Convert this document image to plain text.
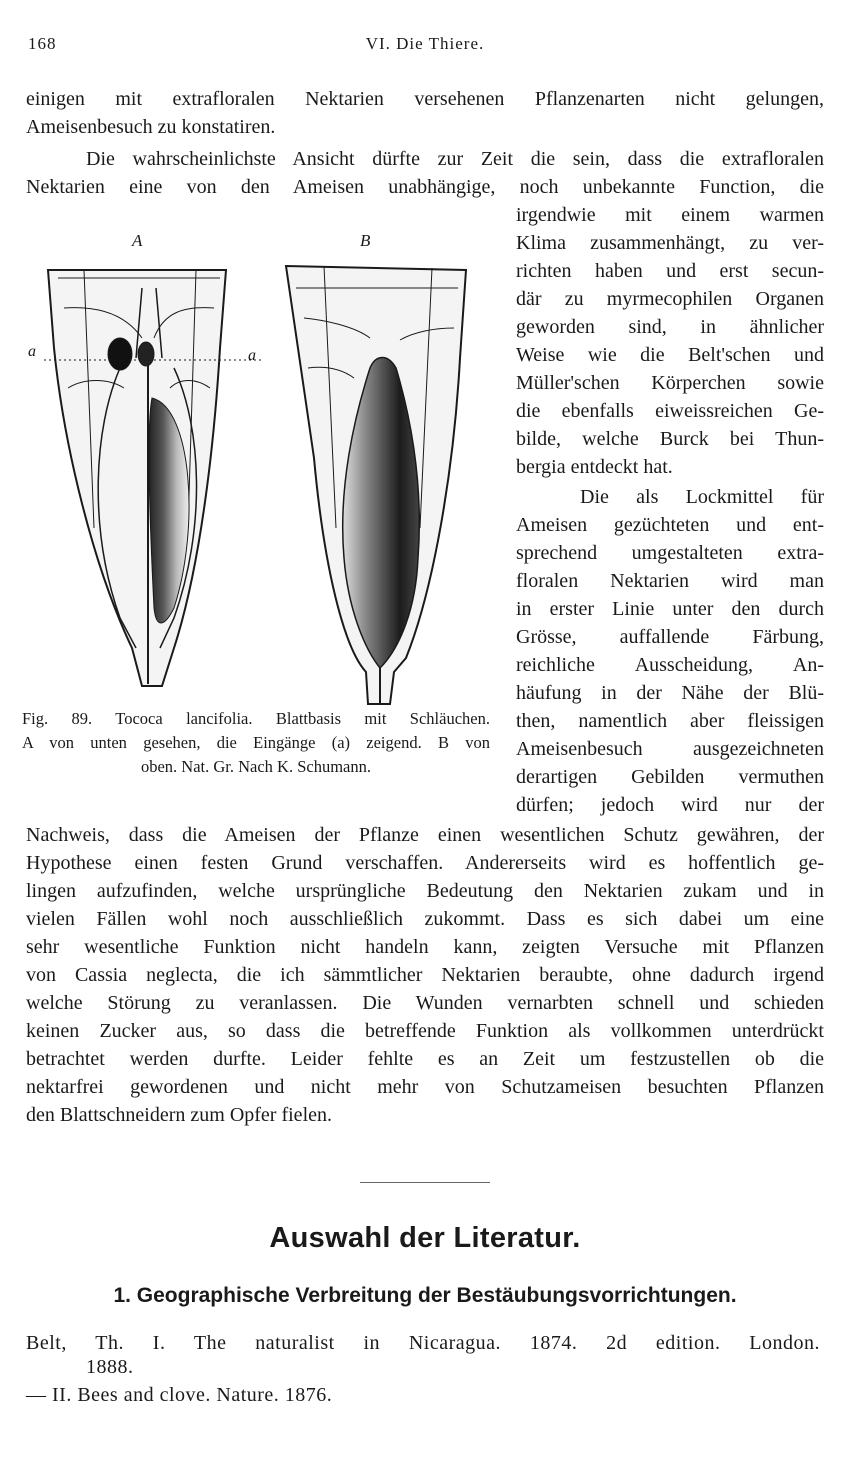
168	VI. Die Thiere.
einigen mit extrafloralen Nektarien versehenen Pflanzenarten nicht gelungen,
Ameisenbesuch zu konstatiren.
Die wahrscheinlichste Ansicht dürfte zur Zeit die sein, dass die extrafloralen
Nektarien eine von den Ameisen unabhängige, noch unbekannte Function, die
irgendwie mit einem warmen
Klima zusammenhängt, zu ver-
richten haben und erst secun-
där zu myrmecophilen Organen
geworden sind, in ähnlicher
Weise wie die Belt'schen und
Müller'schen Körperchen sowie
die ebenfalls eiweissreichen Ge-
bilde, welche Burck bei Thun-
bergia entdeckt hat.
Die als Lockmittel für
Ameisen gezüchteten und ent-
sprechend umgestalteten extra-
floralen Nektarien wird man
in erster Linie unter den durch
Grösse, auffallende Färbung,
reichliche Ausscheidung, An-
häufung in der Nähe der Blü-
then, namentlich aber fleissigen
Ameisenbesuch ausgezeichneten
derartigen Gebilden vermuthen
dürfen; jedoch wird nur der
Nachweis, dass die Ameisen der Pflanze einen wesentlichen Schutz gewähren, der
Hypothese einen festen Grund verschaffen. Andererseits wird es hoffentlich ge-
lingen aufzufinden, welche ursprüngliche Bedeutung den Nektarien zukam und in
vielen Fällen wohl noch ausschließlich zukommt. Dass es sich dabei um eine
sehr wesentliche Funktion nicht handeln kann, zeigten Versuche mit Pflanzen
von Cassia neglecta, die ich sämmtlicher Nektarien beraubte, ohne dadurch irgend
welche Störung zu veranlassen. Die Wunden vernarbten schnell und schieden
keinen Zucker aus, so dass die betreffende Funktion als vollkommen unterdrückt
betrachtet werden durfte. Leider fehlte es an Zeit um festzustellen ob die
nektarfrei gewordenen und nicht mehr von Schutzameisen besuchten Pflanzen
den Blattschneidern zum Opfer fielen.
A	B
a	a
Fig. 89. Tococa lancifolia. Blattbasis mit Schläuchen.
A von unten gesehen, die Eingänge (a) zeigend. B von
oben. Nat. Gr. Nach K. Schumann.
Auswahl der Literatur.
1. Geographische Verbreitung der Bestäubungsvorrichtungen.
Belt, Th. I. The naturalist in Nicaragua. 1874. 2d edition. London.
1888.
— II. Bees and clove. Nature. 1876.
